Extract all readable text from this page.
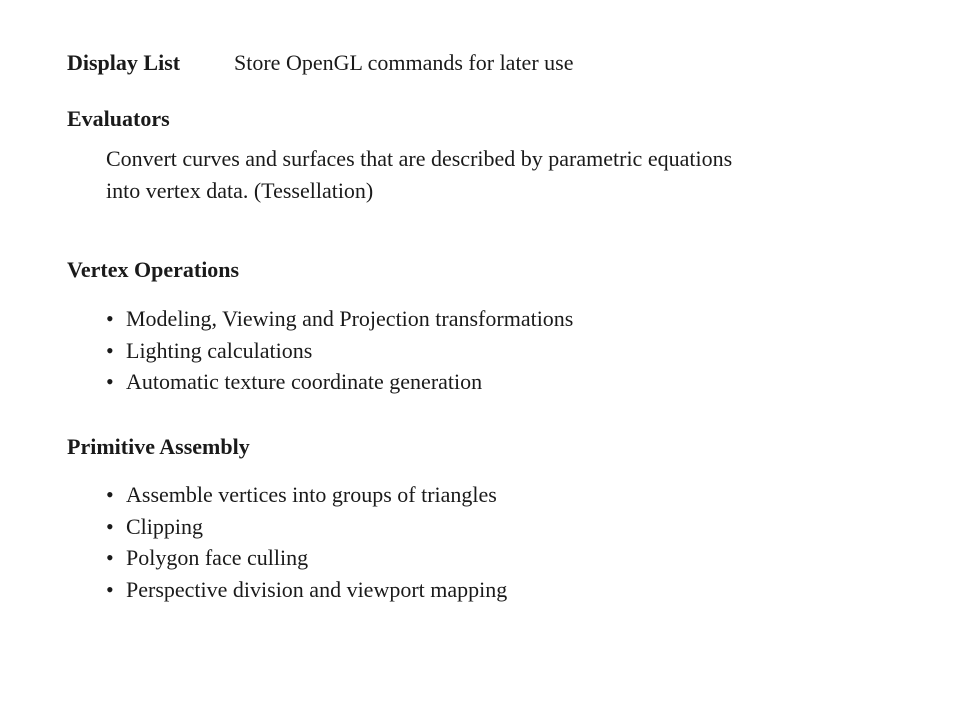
Display List Store OpenGL commands for later use
Evaluators
Convert curves and surfaces that are described by parametric equations
into vertex data. (Tessellation)
Vertex Operations
• Modeling, Viewing and Projection transformations
• Lighting calculations
• Automatic texture coordinate generation
Primitive Assembly
• Assemble vertices into groups of triangles
• Clipping
• Polygon face culling
• Perspective division and viewport mapping
